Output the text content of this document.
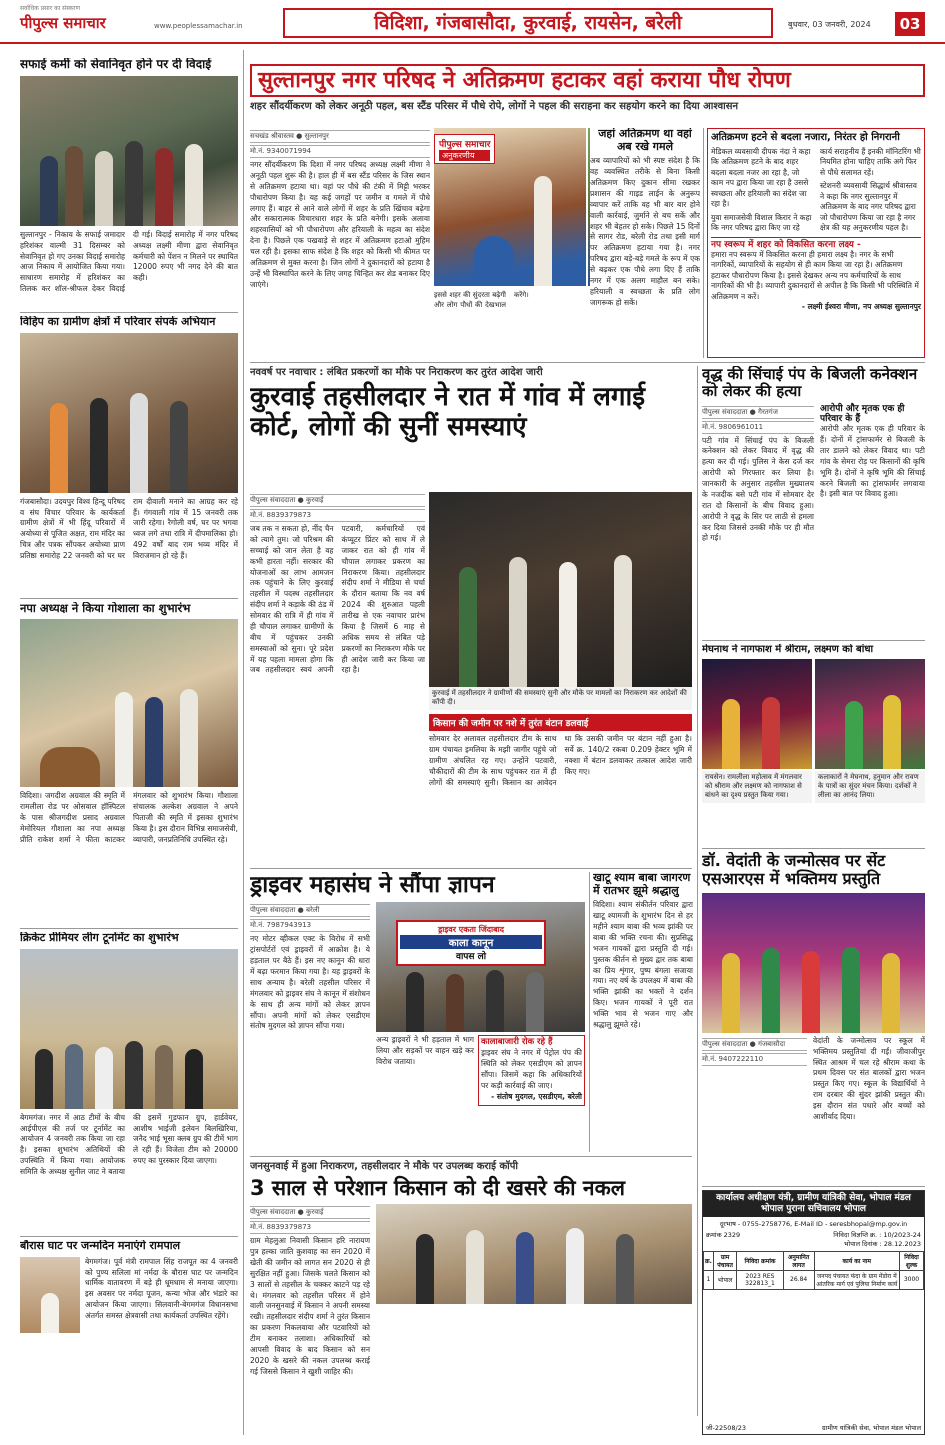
सर्वाधिक प्रसार का संस्करण
पीपुल्स समाचार	www.peoplessamachar.in	विदिशा, गंजबासौदा, कुरवाई, रायसेन, बरेली	बुधवार, 03 जनवरी, 2024	03
सफाई कर्मी को सेवानिवृत होने पर दी विदाई
सुल्तानपुर - निकाय के सफाई जमादार हरिशंकर वाल्मी 31 दिसम्बर को सेवानिवृत हो गए उनका विदाई समारोह आज निकाय में आयोजित किया गया। साधारण समारोह में हरिशंकर का तिलक कर शॉल-श्रीफल देकर विदाई दी गई। विदाई समारोह में नगर परिषद अध्यक्ष लक्ष्मी मीणा द्वारा सेवानिवृत कर्मचारी को पेंशन न मिलने पर स्थायित 12000 रुपए भी नगद देने की बात कही।
विहिप का ग्रामीण क्षेत्रों में परिवार संपर्क अभियान
गंजबासौदा। उदयपुर विश्व हिन्दू परिषद व संघ विचार परिवार के कार्यकर्ता ग्रामीण क्षेत्रों में भी हिंदू परिवारों में अयोध्या से पूजित अक्षत, राम मंदिर का चित्र और पत्रक सौंपकर अयोध्या प्राण प्रतिष्ठा समारोह 22 जनवरी को घर घर राम दीवाली मनाने का आग्रह कर रहे हैं। गंगवाली गांव में 15 जनवरी तक जारी रहेगा। रैगोली वर्ष, घर पर भगवा ध्वज लगे तथा रात्रि में दीपमालिका हो। 492 वर्षों बाद राम भव्य मंदिर में विराजमान हो रहे हैं।
नपा अध्यक्ष ने किया गोशाला का शुभारंभ
विदिशा। जगदीश अग्रवाल की स्मृति में रामलीला रोड पर ओसवाल हॉस्पिटल के पास श्रीजगदीश प्रसाद अग्रवाल मेमोरियल गौशाला का नपा अध्यक्ष प्रीति राकेश शर्मा ने फीता काटकर मंगलवार को शुभारंभ किया। गौशाला संचालक अल्केश अग्रवाल ने अपने पिताजी की स्मृति में इसका शुभारंभ किया है। इस दौरान विभिन्न समाजसेवी, व्यापारी, जनप्रतिनिधि उपस्थित रहे।
क्रिकेट प्रीमियर लीग टूर्नामेंट का शुभारंभ
बेगमगंज। नगर में आठ टीमों के बीच आईपीएल की तर्ज पर टूर्नामेंट का आयोजन 4 जनवरी तक किया जा रहा है। इसका शुभारंभ अतिथियों की उपस्थिति में किया गया। आयोजक समिति के अध्यक्ष सुनील जाट ने बताया की इसमें गुडफान ग्रुप, हार्डवेयर, आशीष भाईजी इलेवन बिलखिरिया, जनैद भाई भूसा क्लब ग्रुप की टीमें भाग ले रही हैं। विजेता टीम को 20000 रुपए का पुरस्कार दिया जाएगा।
बौरास घाट पर जन्मदिन मनाएंगे रामपाल
बेगमगंज। पूर्व मंत्री रामपाल सिंह राजपूत का 4 जनवरी को पुण्य सलिला मां नर्मदा के बौरास घाट पर जन्मदिन धार्मिक वातावरण में बड़े ही धूमधाम से मनाया जाएगा। इस अवसर पर नर्मदा पूजन, कन्या भोज और भंडारे का आयोजन किया जाएगा। सिलवानी-बेगमगंज विधानसभा अंतर्गत समस्त क्षेत्रवासी तथा कार्यकर्ता उपस्थित रहेंगे।
सुल्तानपुर नगर परिषद ने अतिक्रमण हटाकर वहां कराया पौध रोपण
शहर सौंदर्यीकरण को लेकर अनूठी पहल, बस स्टैंड परिसर में पौधे रोपे, लोगों ने पहल की सराहना कर सहयोग करने का दिया आश्वासन
सचखंड श्रीवास्तव ● सुल्तानपुर
मो.नं. 9340071994
नगर सौंदर्यीकरण कि दिशा में नगर परिषद अध्यक्ष लक्ष्मी मीणा ने अनूठी पहल शुरू की है। हाल ही में बस स्टैंड परिसर के जिस स्थान से अतिक्रमण हटाया था। वहां पर पौधे की टंकी में मिट्टी भरकर पौधारोपण किया है। यह कई जगहों पर जमीन व गमले में पौधे लगाए हैं। बाहर से आने वाले लोगों में शहर के प्रति खिंचाव बढ़ेगा और सकारात्मक विचारधारा शहर के प्रति बनेगी। इसके अलावा शहरवासियों को भी पौधारोपण और हरियाली के महत्व का संदेश देना है। पिछले एक पखवाड़े से शहर में अतिक्रमण हटाओ मुहिम चल रही है। इसका साफ संदेश है कि शहर को किसी भी कीमत पर अतिक्रमण से मुक्त करना है। जिन लोगों ने दुकानदारों को हटाया है उन्हें भी विस्थापित करने के लिए जगह चिन्हित कर शेड बनाकर दिए जाएंगे।
पीपुल्स समाचार
अनुकरणीय
जहां अतिक्रमण था वहां अब रखे गमले
अब व्यापारियों को भी स्पष्ट संदेश है कि वह व्यवस्थित तरीके से बिना किसी अतिक्रमण किए दुकान सीमा रखकर प्रशासन की गाइड लाईन के अनुरूप व्यापार करें ताकि वह भी बार बार होने वाली कार्रवाई, जुर्माने से बच सकें और शहर भी बेहतर हो सके। पिछले 15 दिनों से सागर रोड, बरेली रोड तथा इसी मार्ग पर अतिक्रमण हटाया गया है। नगर परिषद द्वारा बड़े-बड़े गमले के रूप में एक से बढ़कर एक पौधे लगा दिए हैं ताकि नगर में एक अलग माहौल बन सके। हरियाली व स्वच्छता के प्रति लोग जागरूक हो सकें।
इससे शहर की सुंदरता बढ़ेगी और लोग पौधों की देखभाल करेंगे।
अतिक्रमण हटने से बदला नजारा, निरंतर हो निगरानी
मेडिकल व्यवसायी दीपक नंदा ने कहा कि अतिक्रमण हटने के बाद शहर बदला बदला नजर आ रहा है, जो काम नप द्वारा किया जा रहा है उससे स्वच्छता और हरियाली का संदेश जा रहा है।
युवा समाजसेवी विशाल किरार ने कहा कि नगर परिषद द्वारा किए जा रहे कार्य सराहनीय हैं इनकी मॉनिटरिंग भी नियमित होना चाहिए ताकि अगे फिर से पौधे सलामत रहें।
स्टेशनरी व्यवसायी सिद्धार्थ श्रीवास्तव ने कहा कि नगर सुल्तानपुर में अतिक्रमण के बाद नगर परिषद द्वारा जो पौधारोपण किया जा रहा है नगर क्षेत्र की यह अनुकरणीय पहल है।
नप स्वरूप में शहर को विकसित करना लक्ष्य -
हमारा नप स्वरूप में विकसित करना ही हमारा लक्ष्य है। नगर के सभी नागरिकों, व्यापारियों के सहयोग से ही काम किया जा रहा है। अतिक्रमण हटाकर पौधारोपण किया है। इससे देखकर अन्य नप कर्मचारियों के साथ नागरिकों की भी है। व्यापारी दुकानदारों से अपील है कि किसी भी परिस्थिति में अतिक्रमण न करें।
- लक्ष्मी ईश्वरा मीणा, नप अध्यक्ष सुल्तानपुर
नववर्ष पर नवाचार : लंबित प्रकरणों का मौके पर निराकरण कर तुरंत आदेश जारी
कुरवाई तहसीलदार ने रात में गांव में लगाई कोर्ट, लोगों की सुनीं समस्याएं
पीपुल्स संवाददाता ● कुरवाई
मो.नं. 8839379873
जब तक न सकता हो, नींद चैन को त्यागे तुम। जो परिश्रम की सच्चाई को जान लेता है वह कभी हारता नहीं। सरकार की योजनाओं का लाभ आमजन तक पहुंचाने के लिए कुरवाई तहसील में पदस्थ तहसीलदार संदीप शर्मा ने कड़ाके की ठंड में सोमवार की रात्रि में ही गांव में ही चौपाल लगाकर ग्रामीणों के बीच में पहुंचकर उनकी समस्याओं को सुना। पूरे प्रदेश में यह पहला मामला होगा कि जब तहसीलदार स्वयं अपनी पटवारी, कर्मचारियों एवं कंप्यूटर प्रिंटर को साथ में ले जाकर रात को ही गांव में चौपाल लगाकर प्रकरण का निराकरण किया। तहसीलदार संदीप शर्मा ने मीडिया से चर्चा के दौरान बताया कि नव वर्ष 2024 की शुरुआत पहली तारीख से एक नवाचार प्रारंभ किया है जिसमें 6 माह से अधिक समय से लंबित पड़े प्रकरणों का निराकरण मौके पर ही आदेश जारी कर किया जा रहा है।
कुरवाई में तहसीलदार ने ग्रामीणों की समस्याएं सुनी और मौके पर मामलों का निराकरण कर आदेशों की कॉपी दी।
किसान की जमीन पर नशे में तुरंत बंटान डलवाई
सोमवार देर अलावल तहसीलदार टीम के साथ ग्राम पंचायत इमलिया के मझी जागीर पहुंचे जो ग्रामीण अंचलित रह गए। उन्होंने पटवारी, चौकीदारों की टीम के साथ पहुंचकर रात में ही लोगों की समस्याएं सुनी। किसान का आवेदन था कि उसकी जमीन पर बंटान नहीं हुआ है। सर्वे क्र. 140/2 रकबा 0.209 हेक्टर भूमि में नक्शा में बंटान डलवाकर तत्काल आदेश जारी किए गए।
वृद्ध की सिंचाई पंप के बिजली कनेक्शन को लेकर की हत्या
पीपुल्स संवाददाता ● गैरतगंज
मो.नं. 9806961011
पटी गांव में सिंचाई पंप के बिजली कनेक्शन को लेकर विवाद में वृद्ध की हत्या कर दी गई। पुलिस ने केस दर्ज कर आरोपी को गिरफ्तार कर लिया है। जानकारी के अनुसार तहसील मुख्यालय के नजदीक बसे पटी गांव में सोमवार देर रात दो किसानों के बीच विवाद हुआ। आरोपी ने वृद्ध के सिर पर लाठी से हमला कर दिया जिससे उनकी मौके पर ही मौत हो गई।
आरोपी और मृतक एक ही परिवार के हैं
आरोपी और मृतक एक ही परिवार के हैं। दोनों में ट्रांसफार्मर से बिजली के तार डालने को लेकर विवाद था। पटी गांव के सेमरा रोड़ पर किसानों की कृषि भूमि है। दोनों ने कृषि भूमि की सिंचाई करने बिजली का ट्रांसफार्मर लगवाया है। इसी बात पर विवाद हुआ।
मेघनाथ ने नागफाश में श्रीराम, लक्ष्मण को बांधा
रायसेन। रामलीला महोत्सव में मंगलवार को श्रीराम और लक्ष्मण को नागफाश से बांधने का दृश्य प्रस्तुत किया गया।
कलाकारों ने मेघनाथ, हनुमान और रावण के पात्रों का सुंदर मंचन किया। दर्शकों ने लीला का आनंद लिया।
डॉ. वेदांती के जन्मोत्सव पर सेंट एसआरएस में भक्तिमय प्रस्तुति
पीपुल्स संवाददाता ● गंजबासौदा
मो.नं. 9407222110
वेदांती के जन्मोत्सव पर स्कूल में भक्तिमय प्रस्तुतियां दी गईं। जीवाजीपुर स्थित आश्रम में चल रहे श्रीराम कथा के प्रथम दिवस पर संत बालकों द्वारा भजन प्रस्तुत किए गए। स्कूल के विद्यार्थियों ने राम दरबार की सुंदर झांकी प्रस्तुत की। इस दौरान संत पधारे और बच्चों को आशीर्वाद दिया।
ड्राइवर महासंघ ने सौंपा ज्ञापन
पीपुल्स संवाददाता ● बरेली
मो.नं. 7987943913
नए मोटर व्हीकल एक्ट के विरोध में सभी ट्रांसपोर्टरों एवं ड्राइवरों में आक्रोश है। ये हड़ताल पर बैठे हैं। इस नए कानून की धारा में बढ़ा फरमान किया गया है। यह ड्राइवरों के साथ अन्याय है। बरेली तहसील परिसर में मंगलवार को ड्राइवर संघ ने कानून में संशोधन के साथ ही अन्य मांगों को लेकर ज्ञापन सौंपा। अपनी मांगों को लेकर एसडीएम संतोष मुदगल को ज्ञापन सौंपा गया।
ड्राइवर एकता जिंदाबाद
काला कानून
वापस लो
अन्य ड्राइवरों ने भी हड़ताल में भाग लिया और सड़कों पर वाहन खड़े कर विरोध जताया।
कालाबाजारी रोक रहे हैं
ड्राइवर संघ ने नगर में पेट्रोल पंप की स्थिति को लेकर एसडीएम को ज्ञापन सौंपा। जिसमें कहा कि अधिकारियों पर कड़ी कार्रवाई की जाए।
- संतोष मुदगल, एसडीएम, बरेली
खाटू श्याम बाबा जागरण में रातभर झूमे श्रद्धालु
विदिशा। श्याम संकीर्तन परिवार द्वारा खाटू श्यामजी के शुभारंभ दिन से हर महीने श्याम बाबा की भव्य झांकी पर बाबा की भक्ति रचना की। सुप्रसिद्ध भजन गायकों द्वारा प्रस्तुति दी गई। पुस्तक कीर्तन से मुख्य द्वार तक बाबा का प्रिय शृंगार, पुष्प बंगला सजाया गया। नए वर्ष के उपलक्ष्य में बाबा की भक्ति झांकी का भक्तों ने दर्शन किए। भजन गायकों ने पूरी रात भक्ति भाव से भजन गाए और श्रद्धालु झूमते रहे।
जनसुनवाई में हुआ निराकरण, तहसीलदार ने मौके पर उपलब्ध कराई कॉपी
3 साल से परेशान किसान को दी खसरे की नकल
पीपुल्स संवाददाता ● कुरवाई
मो.नं. 8839379873
ग्राम मेहलुआ निवासी किसान हरि नारायण पुत्र हल्का जाति कुशवाह का सन 2020 में खेती की जमीन को लागत सन 2020 से ही सुरक्षित नहीं हुआ। जिसके चलते किसान को 3 सालों से तहसील के चक्कर काटने पड़ रहे थे। मंगलवार को तहसील परिसर में होने वाली जनसुनवाई में किसान ने अपनी समस्या रखी। तहसीलदार संदीप शर्मा ने तुरंत किसान का प्रकरण निकलवाया और पटवारियों को टीम बनाकर तलाशा। अधिकारियों को आपसी विवाद के बाद किसान को सन 2020 के खसरे की नकल उपलब्ध कराई गई जिससे किसान ने खुशी जाहिर की।
कार्यालय अधीक्षण यंत्री, ग्रामीण यांत्रिकी सेवा, भोपाल मंडल भोपाल पुराना सचिवालय भोपाल
दूरभाष - 0755-2758776, E-Mail ID - seresbhopal@mp.gov.in
क्रमांक 2329	निविदा विज्ञप्ति क्र. : 10/2023-24
भोपाल दिनांक : 28.12.2023
क्र.	ग्राम पंचायत	निविदा क्रमांक	अनुमानित लागत	कार्य का नाम	निविदा शुल्क
1	भोपाल	2023 RES 322813_1	26.84	जनपद पंचायत फंदा के ग्राम मेंडोरा में आंतरिक मार्ग एवं पुलिया निर्माण कार्य	3000
जी-22508/23	ग्रामीण यांत्रिकी सेवा, भोपाल मंडल भोपाल
